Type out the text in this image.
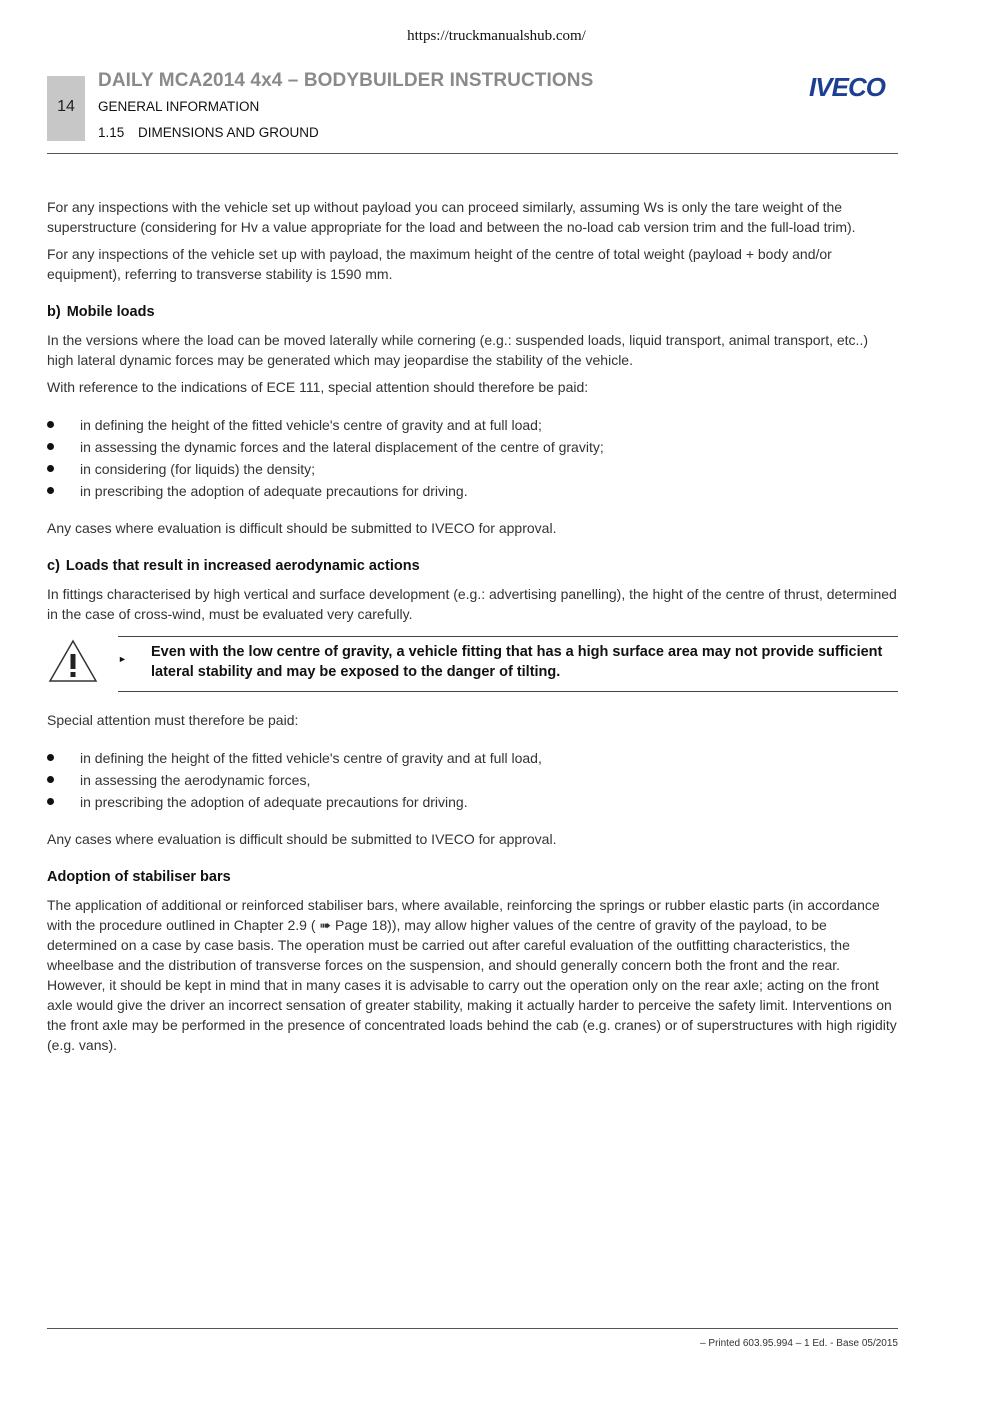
https://truckmanualshub.com/
14
DAILY MCA2014 4x4 – BODYBUILDER INSTRUCTIONS
GENERAL INFORMATION
1.15 DIMENSIONS AND GROUND
IVECO

For any inspections with the vehicle set up without payload you can proceed similarly, assuming Ws is only the tare weight of the superstructure (considering for Hv a value appropriate for the load and between the no-load cab version trim and the full-load trim).

For any inspections of the vehicle set up with payload, the maximum height of the centre of total weight (payload + body and/or equipment), referring to transverse stability is 1590 mm.

b) Mobile loads

In the versions where the load can be moved laterally while cornering (e.g.: suspended loads, liquid transport, animal transport, etc..) high lateral dynamic forces may be generated which may jeopardise the stability of the vehicle.

With reference to the indications of ECE 111, special attention should therefore be paid:

in defining the height of the fitted vehicle's centre of gravity and at full load;
in assessing the dynamic forces and the lateral displacement of the centre of gravity;
in considering (for liquids) the density;
in prescribing the adoption of adequate precautions for driving.

Any cases where evaluation is difficult should be submitted to IVECO for approval.

c) Loads that result in increased aerodynamic actions

In fittings characterised by high vertical and surface development (e.g.: advertising panelling), the hight of the centre of thrust, determined in the case of cross-wind, must be evaluated very carefully.

► Even with the low centre of gravity, a vehicle fitting that has a high surface area may not provide sufficient lateral stability and may be exposed to the danger of tilting.

Special attention must therefore be paid:

in defining the height of the fitted vehicle's centre of gravity and at full load,
in assessing the aerodynamic forces,
in prescribing the adoption of adequate precautions for driving.

Any cases where evaluation is difficult should be submitted to IVECO for approval.

Adoption of stabiliser bars

The application of additional or reinforced stabiliser bars, where available, reinforcing the springs or rubber elastic parts (in accordance with the procedure outlined in Chapter 2.9 ( ➠ Page 18)), may allow higher values of the centre of gravity of the payload, to be determined on a case by case basis. The operation must be carried out after careful evaluation of the outfitting characteristics, the wheelbase and the distribution of transverse forces on the suspension, and should generally concern both the front and the rear. However, it should be kept in mind that in many cases it is advisable to carry out the operation only on the rear axle; acting on the front axle would give the driver an incorrect sensation of greater stability, making it actually harder to perceive the safety limit. Interventions on the front axle may be performed in the presence of concentrated loads behind the cab (e.g. cranes) or of superstructures with high rigidity (e.g. vans).

– Printed 603.95.994 – 1 Ed. - Base 05/2015
